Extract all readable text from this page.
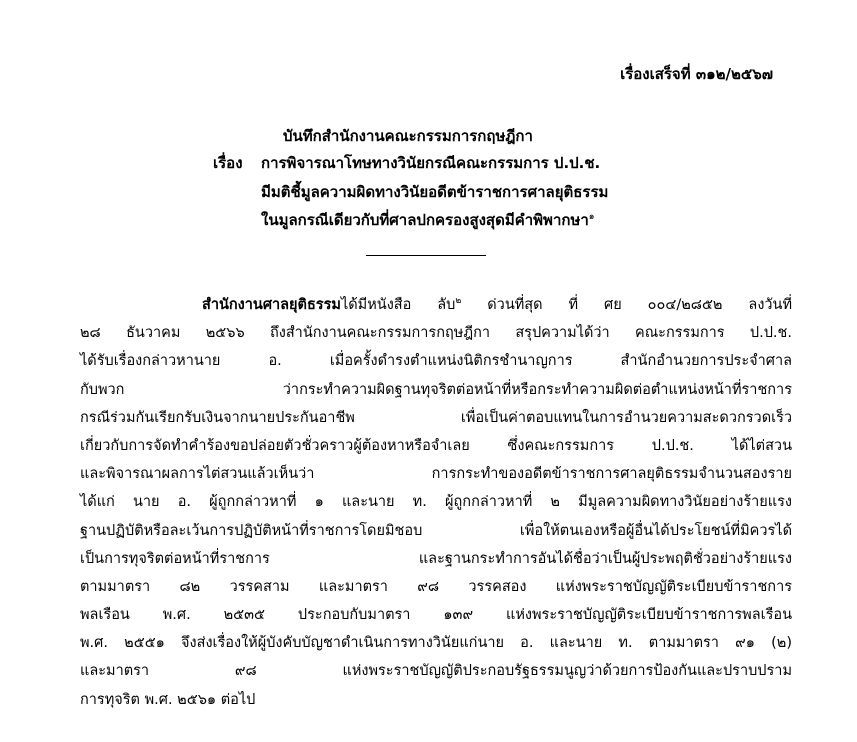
เรื่องเสร็จที่ ๓๑๒/๒๕๖๗
บันทึกสำนักงานคณะกรรมการกฤษฎีกา
เรื่อง การพิจารณาโทษทางวินัยกรณีคณะกรรมการ ป.ป.ช.
มีมติชี้มูลความผิดทางวินัยอดีตข้าราชการศาลยุติธรรม
ในมูลกรณีเดียวกับที่ศาลปกครองสูงสุดมีคำพิพากษา$^๑$
สำนักงานศาลยุติธรรมได้มีหนังสือ ลับ$^๒$ ด่วนที่สุด ที่ ศย ๐๐๔/๒๘๕๒ ลงวันที่
๒๘ ธันวาคม ๒๕๖๖ ถึงสำนักงานคณะกรรมการกฤษฎีกา สรุปความได้ว่า คณะกรรมการ ป.ป.ช.
ได้รับเรื่องกล่าวหานาย อ. เมื่อครั้งดำรงตำแหน่งนิติกรชำนาญการ สำนักอำนวยการประจำศาล
กับพวก ว่ากระทำความผิดฐานทุจริตต่อหน้าที่หรือกระทำความผิดต่อตำแหน่งหน้าที่ราชการ
กรณีร่วมกันเรียกรับเงินจากนายประกันอาชีพ เพื่อเป็นค่าตอบแทนในการอำนวยความสะดวกรวดเร็ว
เกี่ยวกับการจัดทำคำร้องขอปล่อยตัวชั่วคราวผู้ต้องหาหรือจำเลย ซึ่งคณะกรรมการ ป.ป.ช. ได้ไต่สวน
และพิจารณาผลการไต่สวนแล้วเห็นว่า การกระทำของอดีตข้าราชการศาลยุติธรรมจำนวนสองราย
ได้แก่ นาย อ. ผู้ถูกกล่าวหาที่ ๑ และนาย ท. ผู้ถูกกล่าวหาที่ ๒ มีมูลความผิดทางวินัยอย่างร้ายแรง
ฐานปฏิบัติหรือละเว้นการปฏิบัติหน้าที่ราชการโดยมิชอบ เพื่อให้ตนเองหรือผู้อื่นได้ประโยชน์ที่มิควรได้
เป็นการทุจริตต่อหน้าที่ราชการ และฐานกระทำการอันได้ชื่อว่าเป็นผู้ประพฤติชั่วอย่างร้ายแรง
ตามมาตรา ๘๒ วรรคสาม และมาตรา ๙๘ วรรคสอง แห่งพระราชบัญญัติระเบียบข้าราชการ
พลเรือน พ.ศ. ๒๕๓๕ ประกอบกับมาตรา ๑๓๙ แห่งพระราชบัญญัติระเบียบข้าราชการพลเรือน
พ.ศ. ๒๕๕๑ จึงส่งเรื่องให้ผู้บังคับบัญชาดำเนินการทางวินัยแก่นาย อ. และนาย ท. ตามมาตรา ๙๑ (๒)
และมาตรา ๙๘ แห่งพระราชบัญญัติประกอบรัฐธรรมนูญว่าด้วยการป้องกันและปราบปราม
การทุจริต พ.ศ. ๒๕๖๑ ต่อไป
